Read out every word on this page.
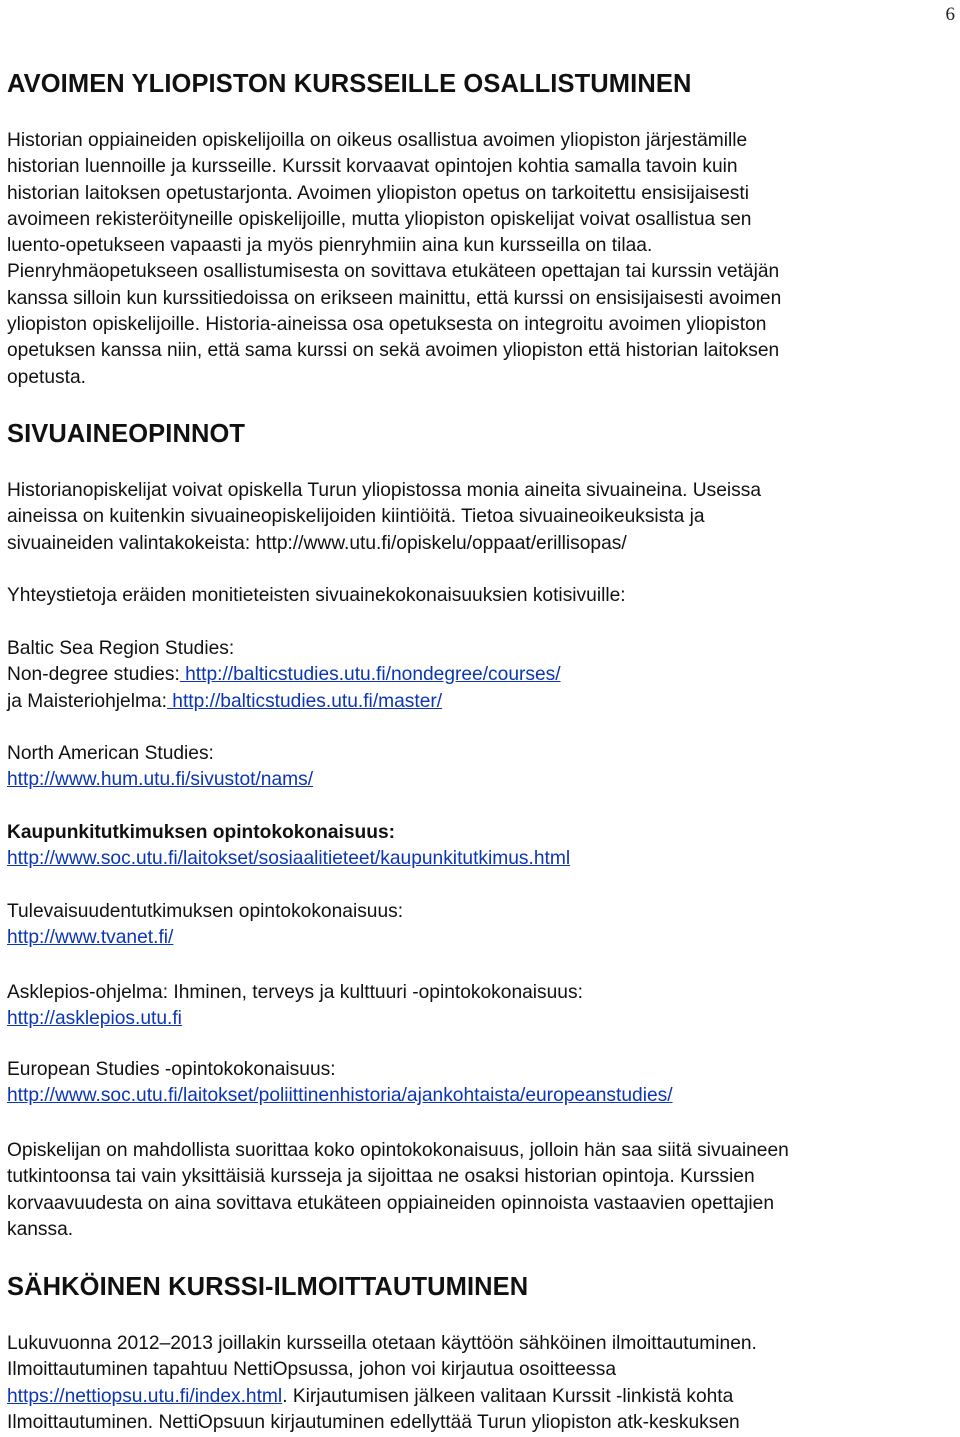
6
AVOIMEN YLIOPISTON KURSSEILLE OSALLISTUMINEN
Historian oppiaineiden opiskelijoilla on oikeus osallistua avoimen yliopiston järjestämille
historian luennoille ja kursseille. Kurssit korvaavat opintojen kohtia samalla tavoin kuin
historian laitoksen opetustarjonta. Avoimen yliopiston opetus on tarkoitettu ensisijaisesti
avoimeen rekisteröityneille opiskelijoille, mutta yliopiston opiskelijat voivat osallistua sen
luento-opetukseen vapaasti ja myös pienryhmiin aina kun kursseilla on tilaa.
Pienryhmäopetukseen osallistumisesta on sovittava etukäteen opettajan tai kurssin vetäjän
kanssa silloin kun kurssitiedoissa on erikseen mainittu, että kurssi on ensisijaisesti avoimen
yliopiston opiskelijoille. Historia-aineissa osa opetuksesta on integroitu avoimen yliopiston
opetuksen kanssa niin, että sama kurssi on sekä avoimen yliopiston että historian laitoksen
opetusta.
SIVUAINEOPINNOT
Historianopiskelijat voivat opiskella Turun yliopistossa monia aineita sivuaineina. Useissa
aineissa on kuitenkin sivuaineopiskelijoiden kiintiöitä. Tietoa sivuaineoikeuksista ja
sivuaineiden valintakokeista: http://www.utu.fi/opiskelu/oppaat/erillisopas/
Yhteystietoja eräiden monitieteisten sivuainekokonaisuuksien kotisivuille:
Baltic Sea Region Studies:
Non-degree studies: http://balticstudies.utu.fi/nondegree/courses/
ja Maisteriohjelma: http://balticstudies.utu.fi/master/
North American Studies:
http://www.hum.utu.fi/sivustot/nams/
Kaupunkitutkimuksen opintokokonaisuus:
http://www.soc.utu.fi/laitokset/sosiaalitieteet/kaupunkitutkimus.html
Tulevaisuudentutkimuksen opintokokonaisuus:
http://www.tvanet.fi/
Asklepios-ohjelma: Ihminen, terveys ja kulttuuri -opintokokonaisuus:
http://asklepios.utu.fi
European Studies -opintokokonaisuus:
http://www.soc.utu.fi/laitokset/poliittinenhistoria/ajankohtaista/europeanstudies/
Opiskelijan on mahdollista suorittaa koko opintokokonaisuus, jolloin hän saa siitä sivuaineen
tutkintoonsa tai vain yksittäisiä kursseja ja sijoittaa ne osaksi historian opintoja. Kurssien
korvaavuudesta on aina sovittava etukäteen oppiaineiden opinnoista vastaavien opettajien
kanssa.
SÄHKÖINEN KURSSI-ILMOITTAUTUMINEN
Lukuvuonna 2012–2013 joillakin kursseilla otetaan käyttöön sähköinen ilmoittautuminen.
Ilmoittautuminen tapahtuu NettiOpsussa, johon voi kirjautua osoitteessa
https://nettiopsu.utu.fi/index.html. Kirjautumisen jälkeen valitaan Kurssit -linkistä kohta
Ilmoittautuminen. NettiOpsuun kirjautuminen edellyttää Turun yliopiston atk-keskuksen
